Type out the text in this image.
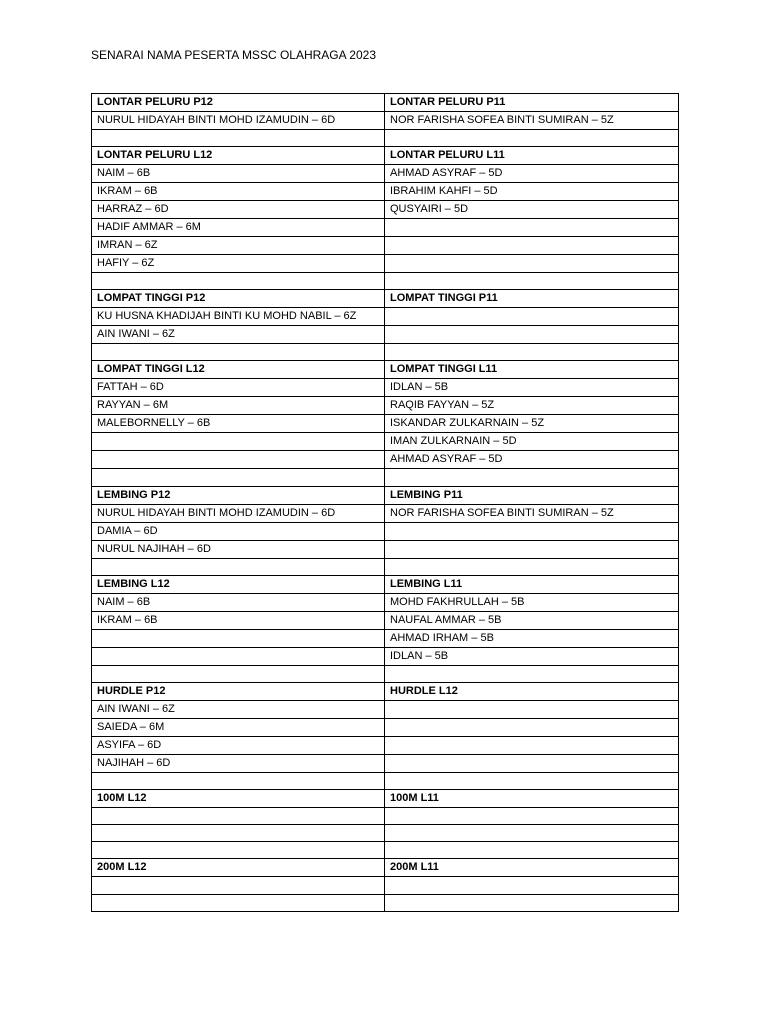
SENARAI NAMA PESERTA MSSC OLAHRAGA 2023
LONTAR PELURU P12	LONTAR PELURU P11
NURUL HIDAYAH BINTI MOHD IZAMUDIN – 6D	NOR FARISHA SOFEA BINTI SUMIRAN – 5Z

LONTAR PELURU L12	LONTAR PELURU L11
NAIM – 6B	AHMAD ASYRAF – 5D
IKRAM – 6B	IBRAHIM KAHFI – 5D
HARRAZ – 6D	QUSYAIRI – 5D
HADIF AMMAR – 6M	
IMRAN – 6Z	
HAFIY – 6Z	

LOMPAT TINGGI P12	LOMPAT TINGGI P11
KU HUSNA KHADIJAH BINTI KU MOHD NABIL – 6Z	
AIN IWANI – 6Z	

LOMPAT TINGGI L12	LOMPAT TINGGI L11
FATTAH – 6D	IDLAN – 5B
RAYYAN – 6M	RAQIB FAYYAN – 5Z
MALEBORNELLY – 6B	ISKANDAR ZULKARNAIN – 5Z
	IMAN ZULKARNAIN – 5D
	AHMAD ASYRAF – 5D

LEMBING P12	LEMBING P11
NURUL HIDAYAH BINTI MOHD IZAMUDIN – 6D	NOR FARISHA SOFEA BINTI SUMIRAN – 5Z
DAMIA – 6D	
NURUL NAJIHAH – 6D	

LEMBING L12	LEMBING L11
NAIM – 6B	MOHD FAKHRULLAH – 5B
IKRAM – 6B	NAUFAL AMMAR – 5B
	AHMAD IRHAM – 5B
	IDLAN – 5B

HURDLE P12	HURDLE L12
AIN IWANI – 6Z	
SAIEDA – 6M	
ASYIFA – 6D	
NAJIHAH – 6D	

100M L12	100M L11

200M L12	200M L11
